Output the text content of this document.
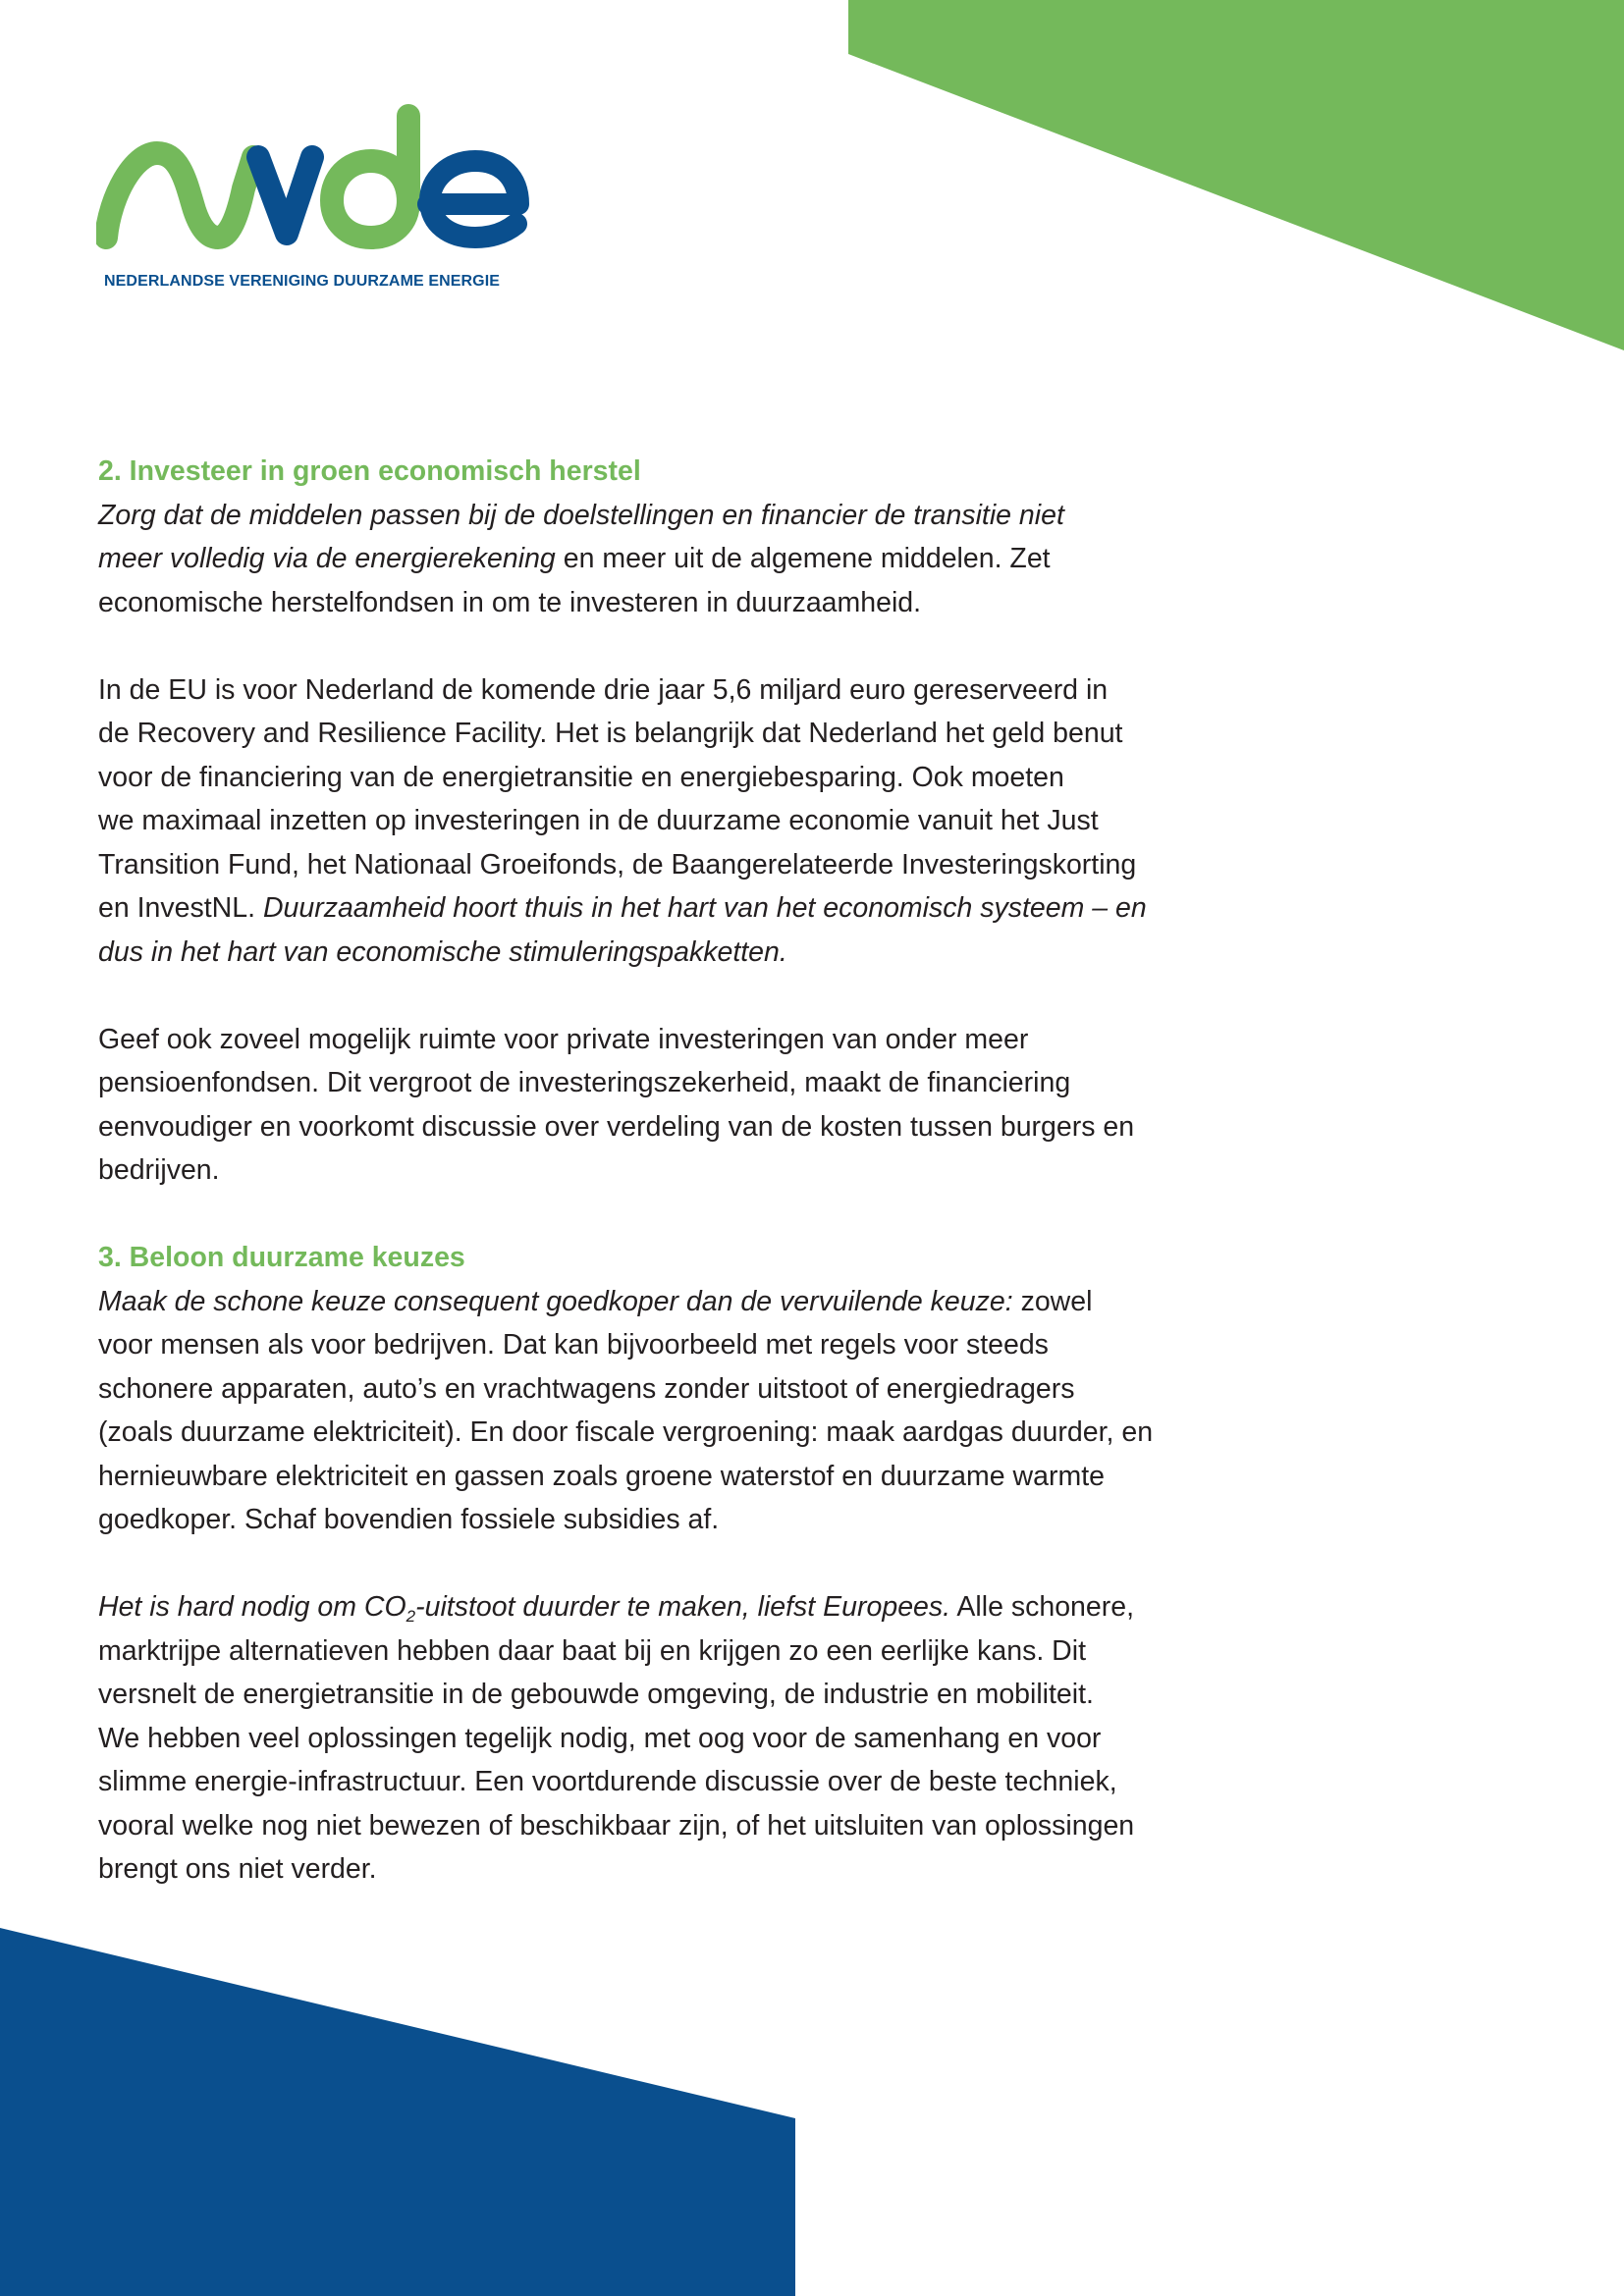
NEDERLANDSE VERENIGING DUURZAME ENERGIE
2. Investeer in groen economisch herstel

Zorg dat de middelen passen bij de doelstellingen en financier de transitie niet
meer volledig via de energierekening en meer uit de algemene middelen. Zet
economische herstelfondsen in om te investeren in duurzaamheid.

In de EU is voor Nederland de komende drie jaar 5,6 miljard euro gereserveerd in
de Recovery and Resilience Facility. Het is belangrijk dat Nederland het geld benut
voor de financiering van de energietransitie en energiebesparing. Ook moeten
we maximaal inzetten op investeringen in de duurzame economie vanuit het Just
Transition Fund, het Nationaal Groeifonds, de Baangerelateerde Investeringskorting
en InvestNL. Duurzaamheid hoort thuis in het hart van het economisch systeem – en
dus in het hart van economische stimuleringspakketten.

Geef ook zoveel mogelijk ruimte voor private investeringen van onder meer
pensioenfondsen. Dit vergroot de investeringszekerheid, maakt de financiering
eenvoudiger en voorkomt discussie over verdeling van de kosten tussen burgers en
bedrijven.

3. Beloon duurzame keuzes

Maak de schone keuze consequent goedkoper dan de vervuilende keuze: zowel
voor mensen als voor bedrijven. Dat kan bijvoorbeeld met regels voor steeds
schonere apparaten, auto’s en vrachtwagens zonder uitstoot of energiedragers
(zoals duurzame elektriciteit). En door fiscale vergroening: maak aardgas duurder, en
hernieuwbare elektriciteit en gassen zoals groene waterstof en duurzame warmte
goedkoper. Schaf bovendien fossiele subsidies af.

Het is hard nodig om $CO_2$-uitstoot duurder te maken, liefst Europees. Alle schonere,
marktrijpe alternatieven hebben daar baat bij en krijgen zo een eerlijke kans. Dit
versnelt de energietransitie in de gebouwde omgeving, de industrie en mobiliteit.
We hebben veel oplossingen tegelijk nodig, met oog voor de samenhang en voor
slimme energie-infrastructuur. Een voortdurende discussie over de beste techniek,
vooral welke nog niet bewezen of beschikbaar zijn, of het uitsluiten van oplossingen
brengt ons niet verder.
